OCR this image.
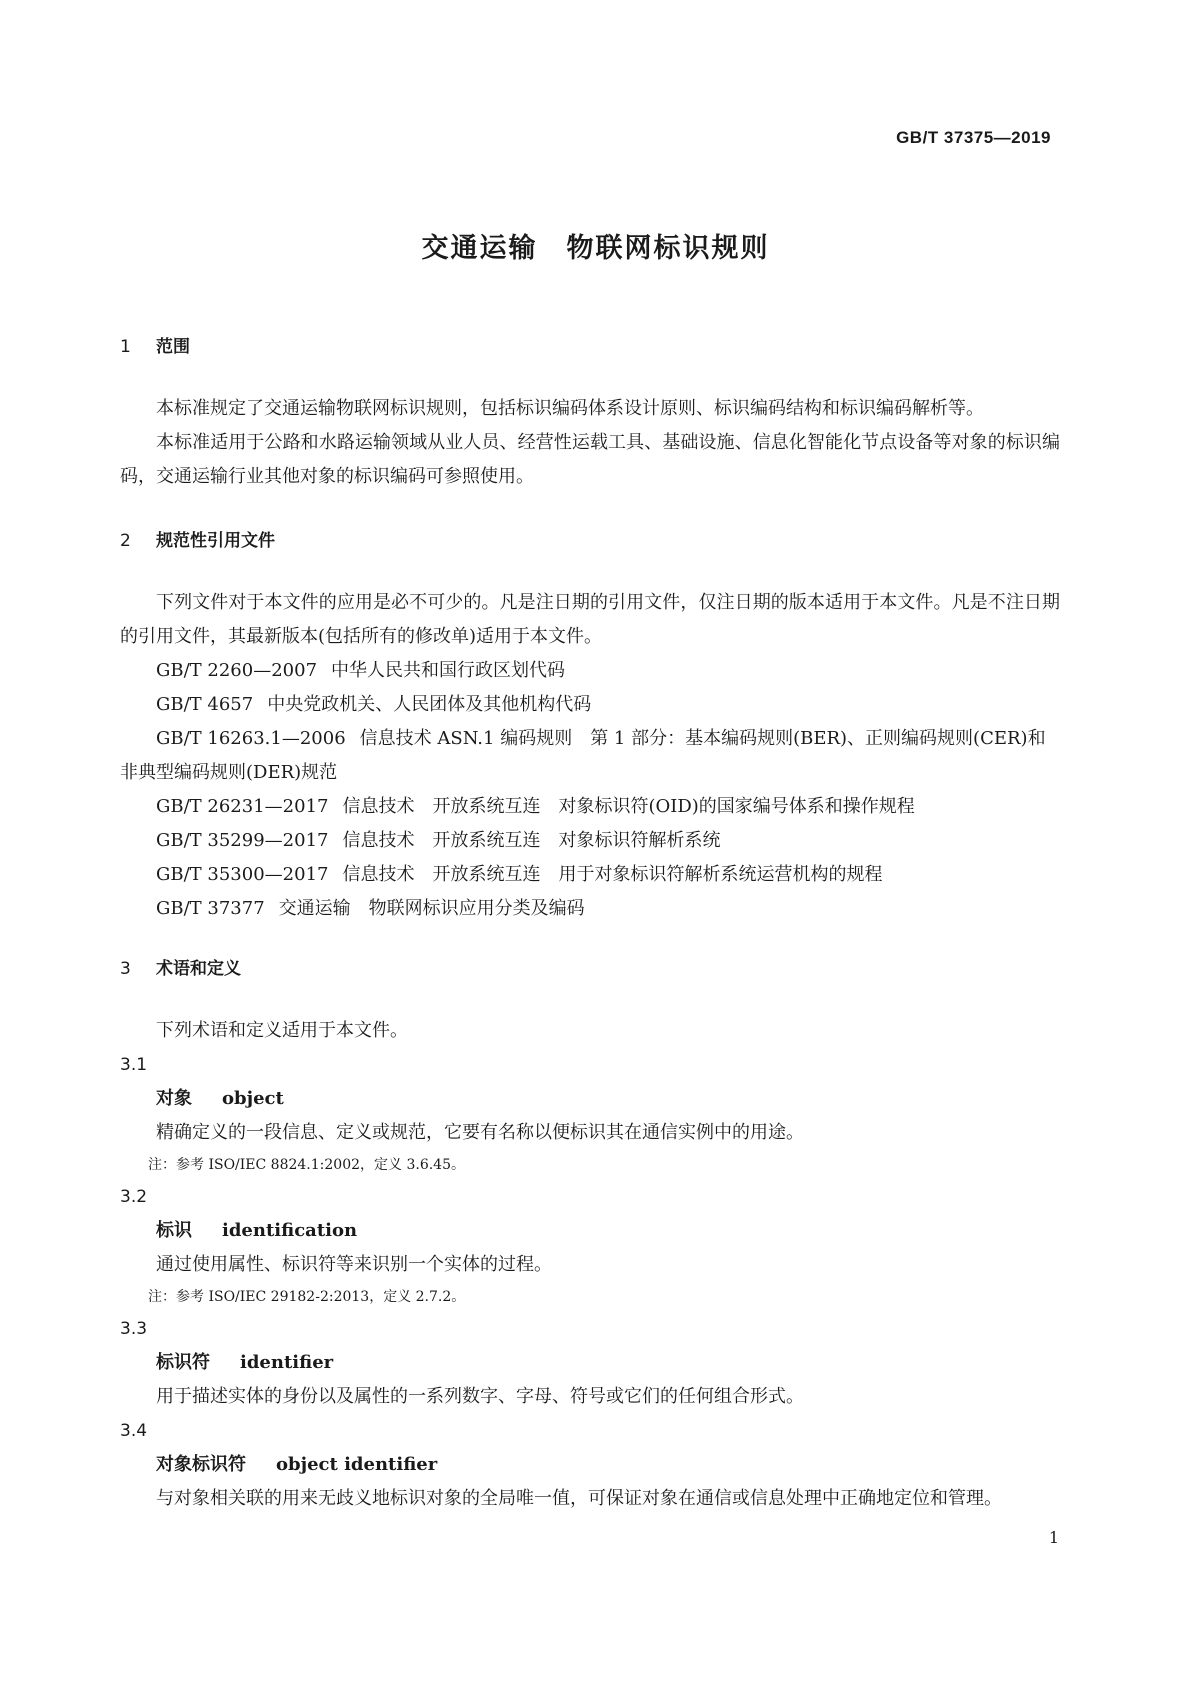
GB/T 37375—2019
交通运输　物联网标识规则
1	范围

本标准规定了交通运输物联网标识规则，包括标识编码体系设计原则、标识编码结构和标识编码解析等。

本标准适用于公路和水路运输领域从业人员、经营性运载工具、基础设施、信息化智能化节点设备等对象的标识编码，交通运输行业其他对象的标识编码可参照使用。

2	规范性引用文件

下列文件对于本文件的应用是必不可少的。凡是注日期的引用文件，仅注日期的版本适用于本文件。凡是不注日期的引用文件，其最新版本(包括所有的修改单)适用于本文件。

GB/T 2260—2007 中华人民共和国行政区划代码

GB/T 4657 中央党政机关、人民团体及其他机构代码

GB/T 16263.1—2006 信息技术 ASN.1 编码规则　第 1 部分：基本编码规则(BER)、正则编码规则(CER)和非典型编码规则(DER)规范

GB/T 26231—2017 信息技术　开放系统互连　对象标识符(OID)的国家编号体系和操作规程

GB/T 35299—2017 信息技术　开放系统互连　对象标识符解析系统

GB/T 35300—2017 信息技术　开放系统互连　用于对象标识符解析系统运营机构的规程

GB/T 37377 交通运输　物联网标识应用分类及编码

3	术语和定义

下列术语和定义适用于本文件。

3.1

对象 object

精确定义的一段信息、定义或规范，它要有名称以便标识其在通信实例中的用途。

注：参考 ISO/IEC 8824.1:2002，定义 3.6.45。

3.2

标识 identification

通过使用属性、标识符等来识别一个实体的过程。

注：参考 ISO/IEC 29182-2:2013，定义 2.7.2。

3.3

标识符 identifier

用于描述实体的身份以及属性的一系列数字、字母、符号或它们的任何组合形式。

3.4

对象标识符 object identifier

与对象相关联的用来无歧义地标识对象的全局唯一值，可保证对象在通信或信息处理中正确地定位和管理。

1
